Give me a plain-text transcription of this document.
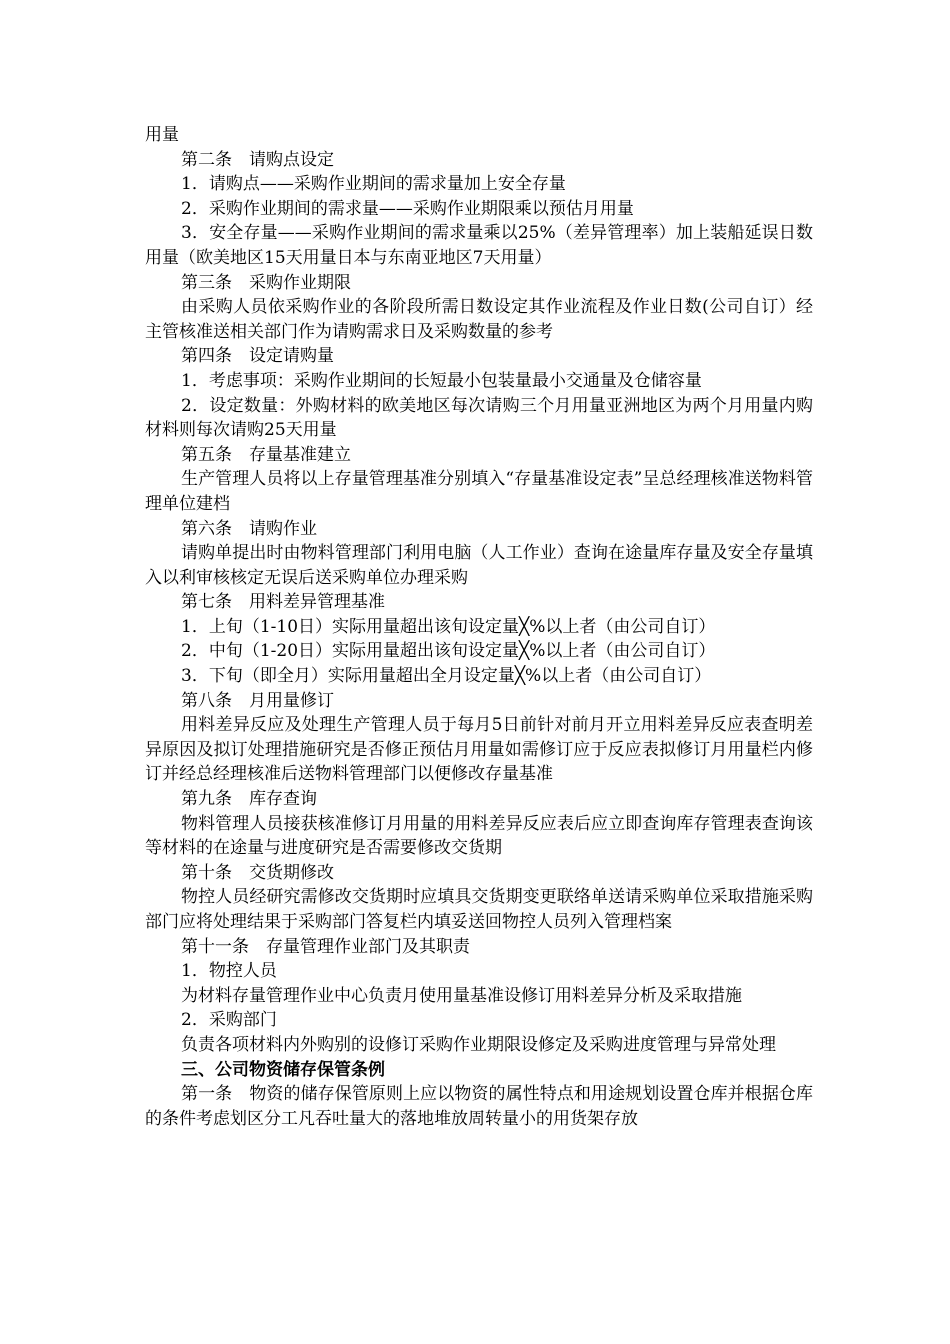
用量

第二条　请购点设定

1．请购点——采购作业期间的需求量加上安全存量

2．采购作业期间的需求量——采购作业期限乘以预估月用量

3．安全存量——采购作业期间的需求量乘以25%（差异管理率）加上装船延误日数用量（欧美地区15天用量日本与东南亚地区7天用量）

第三条　采购作业期限

由采购人员依采购作业的各阶段所需日数设定其作业流程及作业日数(公司自订）经主管核准送相关部门作为请购需求日及采购数量的参考

第四条　设定请购量

1．考虑事项：采购作业期间的长短最小包装量最小交通量及仓储容量

2．设定数量：外购材料的欧美地区每次请购三个月用量亚洲地区为两个月用量内购材料则每次请购25天用量

第五条　存量基准建立

生产管理人员将以上存量管理基准分别填入“存量基准设定表”呈总经理核准送物料管理单位建档

第六条　请购作业

请购单提出时由物料管理部门利用电脑（人工作业）查询在途量库存量及安全存量填入以利审核核定无误后送采购单位办理采购

第七条　用料差异管理基准

1．上旬（1-10日）实际用量超出该旬设定量╳%以上者（由公司自订）

2．中旬（1-20日）实际用量超出该旬设定量╳%以上者（由公司自订）

3．下旬（即全月）实际用量超出全月设定量╳%以上者（由公司自订）

第八条　月用量修订

用料差异反应及处理生产管理人员于每月5日前针对前月开立用料差异反应表查明差异原因及拟订处理措施研究是否修正预估月用量如需修订应于反应表拟修订月用量栏内修订并经总经理核准后送物料管理部门以便修改存量基准

第九条　库存查询

物料管理人员接获核准修订月用量的用料差异反应表后应立即查询库存管理表查询该等材料的在途量与进度研究是否需要修改交货期

第十条　交货期修改

物控人员经研究需修改交货期时应填具交货期变更联络单送请采购单位采取措施采购部门应将处理结果于采购部门答复栏内填妥送回物控人员列入管理档案

第十一条　存量管理作业部门及其职责

1．物控人员

为材料存量管理作业中心负责月使用量基准设修订用料差异分析及采取措施

2．采购部门

负责各项材料内外购别的设修订采购作业期限设修定及采购进度管理与异常处理

三、公司物资储存保管条例

第一条　物资的储存保管原则上应以物资的属性特点和用途规划设置仓库并根据仓库的条件考虑划区分工凡吞吐量大的落地堆放周转量小的用货架存放
